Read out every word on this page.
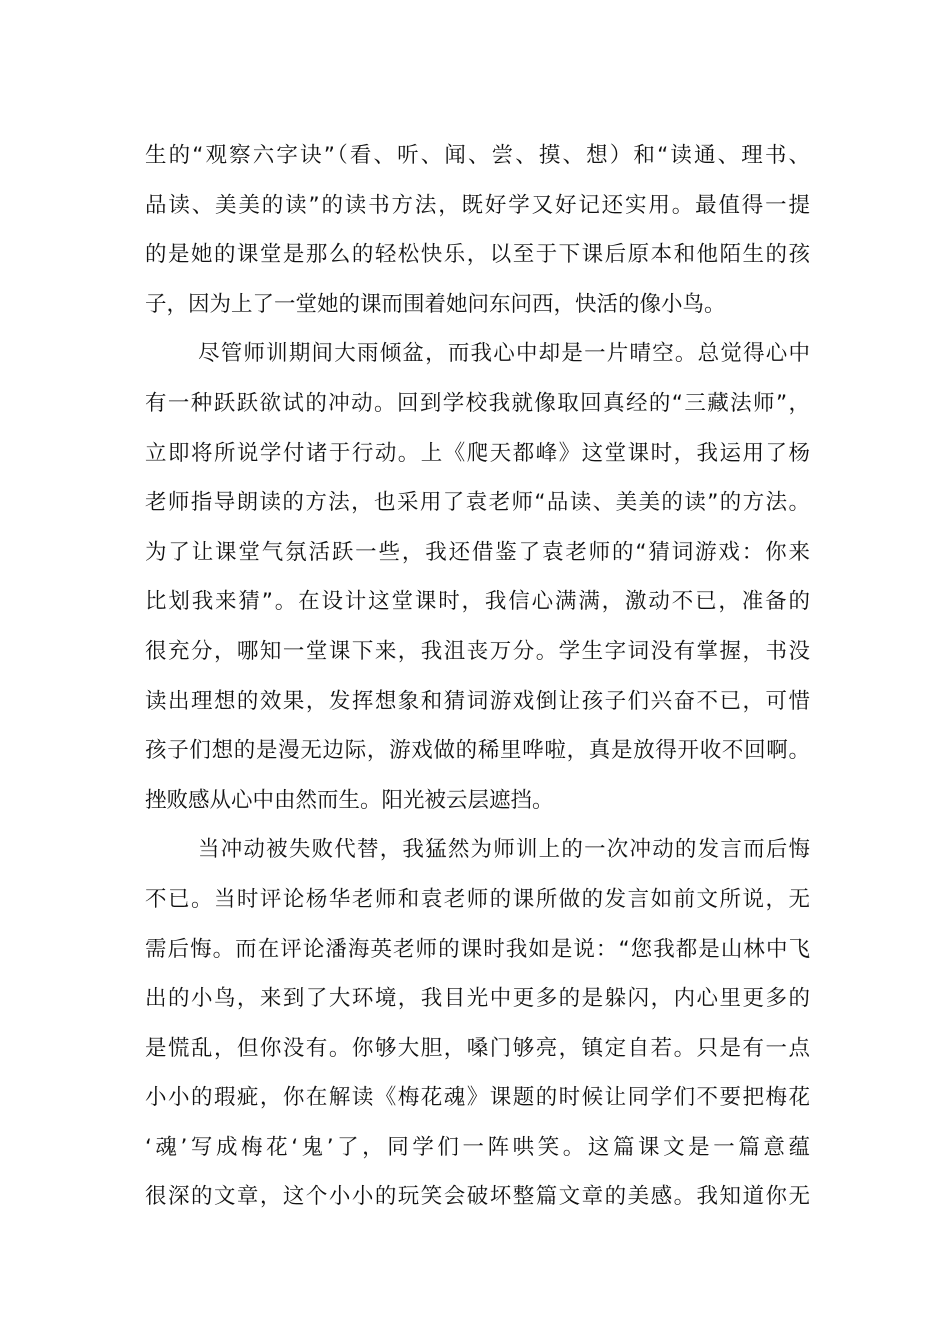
生的“观察六字诀”（看、听、闻、尝、摸、想）和“读通、理书、
品读、美美的读”的读书方法，既好学又好记还实用。最值得一提
的是她的课堂是那么的轻松快乐，以至于下课后原本和他陌生的孩
子，因为上了一堂她的课而围着她问东问西，快活的像小鸟。
尽管师训期间大雨倾盆，而我心中却是一片晴空。总觉得心中
有一种跃跃欲试的冲动。回到学校我就像取回真经的“三藏法师”，
立即将所说学付诸于行动。上《爬天都峰》这堂课时，我运用了杨
老师指导朗读的方法，也采用了袁老师“品读、美美的读”的方法。
为了让课堂气氛活跃一些，我还借鉴了袁老师的“猜词游戏：你来
比划我来猜”。在设计这堂课时，我信心满满，激动不已，准备的
很充分，哪知一堂课下来，我沮丧万分。学生字词没有掌握，书没
读出理想的效果，发挥想象和猜词游戏倒让孩子们兴奋不已，可惜
孩子们想的是漫无边际，游戏做的稀里哗啦，真是放得开收不回啊。
挫败感从心中由然而生。阳光被云层遮挡。
当冲动被失败代替，我猛然为师训上的一次冲动的发言而后悔
不已。当时评论杨华老师和袁老师的课所做的发言如前文所说，无
需后悔。而在评论潘海英老师的课时我如是说：“您我都是山林中飞
出的小鸟，来到了大环境，我目光中更多的是躲闪，内心里更多的
是慌乱，但你没有。你够大胆，嗓门够亮，镇定自若。只是有一点
小小的瑕疵，你在解读《梅花魂》课题的时候让同学们不要把梅花
‘魂’写成梅花‘鬼’了，同学们一阵哄笑。这篇课文是一篇意蕴
很深的文章，这个小小的玩笑会破坏整篇文章的美感。我知道你无
